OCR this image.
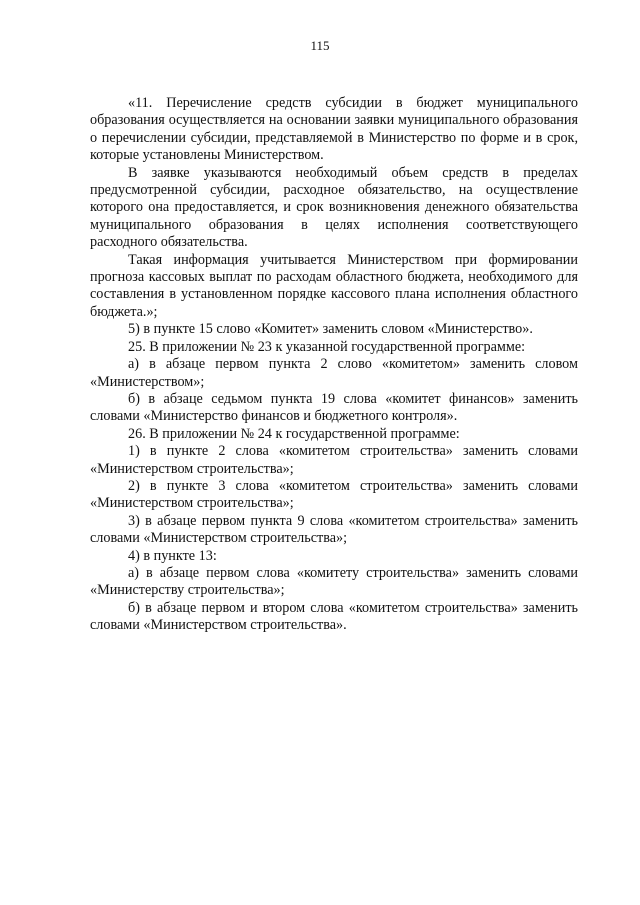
115

«11. Перечисление средств субсидии в бюджет муниципального образования осуществляется на основании заявки муниципального образования о перечислении субсидии, представляемой в Министерство по форме и в срок, которые установлены Министерством.

В заявке указываются необходимый объем средств в пределах предусмотренной субсидии, расходное обязательство, на осуществление которого она предоставляется, и срок возникновения денежного обязательства муниципального образования в целях исполнения соответствующего расходного обязательства.

Такая информация учитывается Министерством при формировании прогноза кассовых выплат по расходам областного бюджета, необходимого для составления в установленном порядке кассового плана исполнения областного бюджета.»;

5) в пункте 15 слово «Комитет» заменить словом «Министерство».

25. В приложении № 23 к указанной государственной программе:

а) в абзаце первом пункта 2 слово «комитетом» заменить словом «Министерством»;

б) в абзаце седьмом пункта 19 слова «комитет финансов» заменить словами «Министерство финансов и бюджетного контроля».

26. В приложении № 24 к государственной программе:

1) в пункте 2 слова «комитетом строительства» заменить словами «Министерством строительства»;

2) в пункте 3 слова «комитетом строительства» заменить словами «Министерством строительства»;

3) в абзаце первом пункта 9 слова «комитетом строительства» заменить словами «Министерством строительства»;

4) в пункте 13:

а) в абзаце первом слова «комитету строительства» заменить словами «Министерству строительства»;

б) в абзаце первом и втором слова «комитетом строительства» заменить словами «Министерством строительства».
